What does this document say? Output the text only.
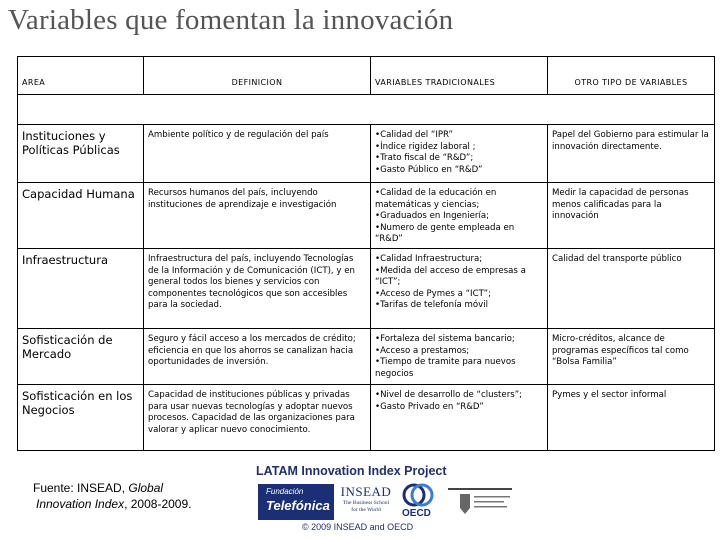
Variables que fomentan la innovación
AREA	DEFINICION	VARIABLES TRADICIONALES	OTRO TIPO DE VARIABLES

Instituciones y Políticas Públicas	Ambiente político y de regulación del país	•Calidad del “IPR”
•Índice rigidez laboral ;
•Trato fiscal de “R&D”;
•Gasto Público en “R&D”	Papel del Gobierno para estimular la innovación directamente.
Capacidad Humana	Recursos humanos del país, incluyendo instituciones de aprendizaje e investigación	•Calidad de la educación en matemáticas y ciencias;
•Graduados en Ingeniería;
•Numero de gente empleada en “R&D”	Medir la capacidad de personas menos calificadas para la innovación
Infraestructura	Infraestructura del país, incluyendo Tecnologías de la Información y de Comunicación (ICT), y en general todos los bienes y servicios con componentes tecnológicos que son accesibles para la sociedad.	•Calidad Infraestructura;
•Medida del acceso de empresas a “ICT”;
•Acceso de Pymes a “ICT”;
•Tarifas de telefonía móvil	Calidad del transporte público
Sofisticación de Mercado	Seguro y fácil acceso a los mercados de crédito; eficiencia en que los ahorros se canalizan hacia oportunidades de inversión.	•Fortaleza del sistema bancario;
•Acceso a prestamos;
•Tiempo de tramite para nuevos negocios	Micro-créditos, alcance de programas específicos tal como “Bolsa Familia”
Sofisticación en los Negocios	Capacidad de instituciones públicas y privadas para usar nuevas tecnologías y adoptar nuevos procesos. Capacidad de las organizaciones para valorar y aplicar nuevo conocimiento.	•Nivel de desarrollo de “clusters”;
•Gasto Privado en “R&D”	Pymes y el sector informal
Fuente: INSEAD, Global
Innovation Index, 2008-2009.
LATAM Innovation Index Project
Fundación
Telefónica
INSEAD
The Business School
for the World	OECD
© 2009 INSEAD and OECD
